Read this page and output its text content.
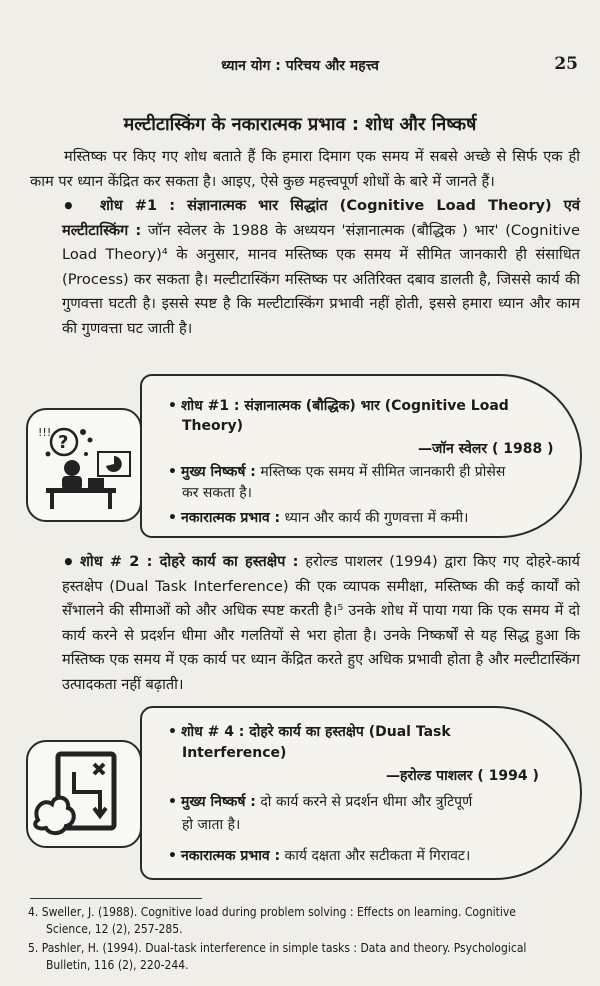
ध्यान योग : परिचय और महत्त्व	25
मल्टीटास्किंग के नकारात्मक प्रभाव : शोध और निष्कर्ष
मस्तिष्क पर किए गए शोध बताते हैं कि हमारा दिमाग एक समय में सबसे अच्छे से सिर्फ एक ही काम पर ध्यान केंद्रित कर सकता है। आइए, ऐसे कुछ महत्त्वपूर्ण शोधों के बारे में जानते हैं।
•	शोध #1 : संज्ञानात्मक भार सिद्धांत (Cognitive Load Theory) एवं मल्टीटास्किंग : जॉन स्वेलर के 1988 के अध्ययन 'संज्ञानात्मक (बौद्धिक ) भार' (Cognitive Load Theory)⁴ के अनुसार, मानव मस्तिष्क एक समय में सीमित जानकारी ही संसाधित (Process) कर सकता है। मल्टीटास्किंग मस्तिष्क पर अतिरिक्त दबाव डालती है, जिससे कार्य की गुणवत्ता घटती है। इससे स्पष्ट है कि मल्टीटास्किंग प्रभावी नहीं होती, इससे हमारा ध्यान और काम की गुणवत्ता घट जाती है।
?
!!!
• शोध #1 : संज्ञानात्मक (बौद्धिक) भार (Cognitive Load
Theory)
—जॉन स्वेलर ( 1988 )
• मुख्य निष्कर्ष : मस्तिष्क एक समय में सीमित जानकारी ही प्रोसेस
कर सकता है।
• नकारात्मक प्रभाव : ध्यान और कार्य की गुणवत्ता में कमी।
• शोध # 2 : दोहरे कार्य का हस्तक्षेप : हरोल्ड पाशलर (1994) द्वारा किए गए दोहरे-कार्य हस्तक्षेप (Dual Task Interference) की एक व्यापक समीक्षा, मस्तिष्क की कई कार्यों को सँभालने की सीमाओं को और अधिक स्पष्ट करती है।⁵ उनके शोध में पाया गया कि एक समय में दो कार्य करने से प्रदर्शन धीमा और गलतियों से भरा होता है। उनके निष्कर्षों से यह सिद्ध हुआ कि मस्तिष्क एक समय में एक कार्य पर ध्यान केंद्रित करते हुए अधिक प्रभावी होता है और मल्टीटास्किंग उत्पादकता नहीं बढ़ाती।
• शोध # 4 : दोहरे कार्य का हस्तक्षेप (Dual Task
Interference)
—हरोल्ड पाशलर ( 1994 )
• मुख्य निष्कर्ष : दो कार्य करने से प्रदर्शन धीमा और त्रुटिपूर्ण
हो जाता है।
• नकारात्मक प्रभाव : कार्य दक्षता और सटीकता में गिरावट।
4. Sweller, J. (1988). Cognitive load during problem solving : Effects on learning. Cognitive
Science, 12 (2), 257-285.
5. Pashler, H. (1994). Dual-task interference in simple tasks : Data and theory. Psychological
Bulletin, 116 (2), 220-244.
